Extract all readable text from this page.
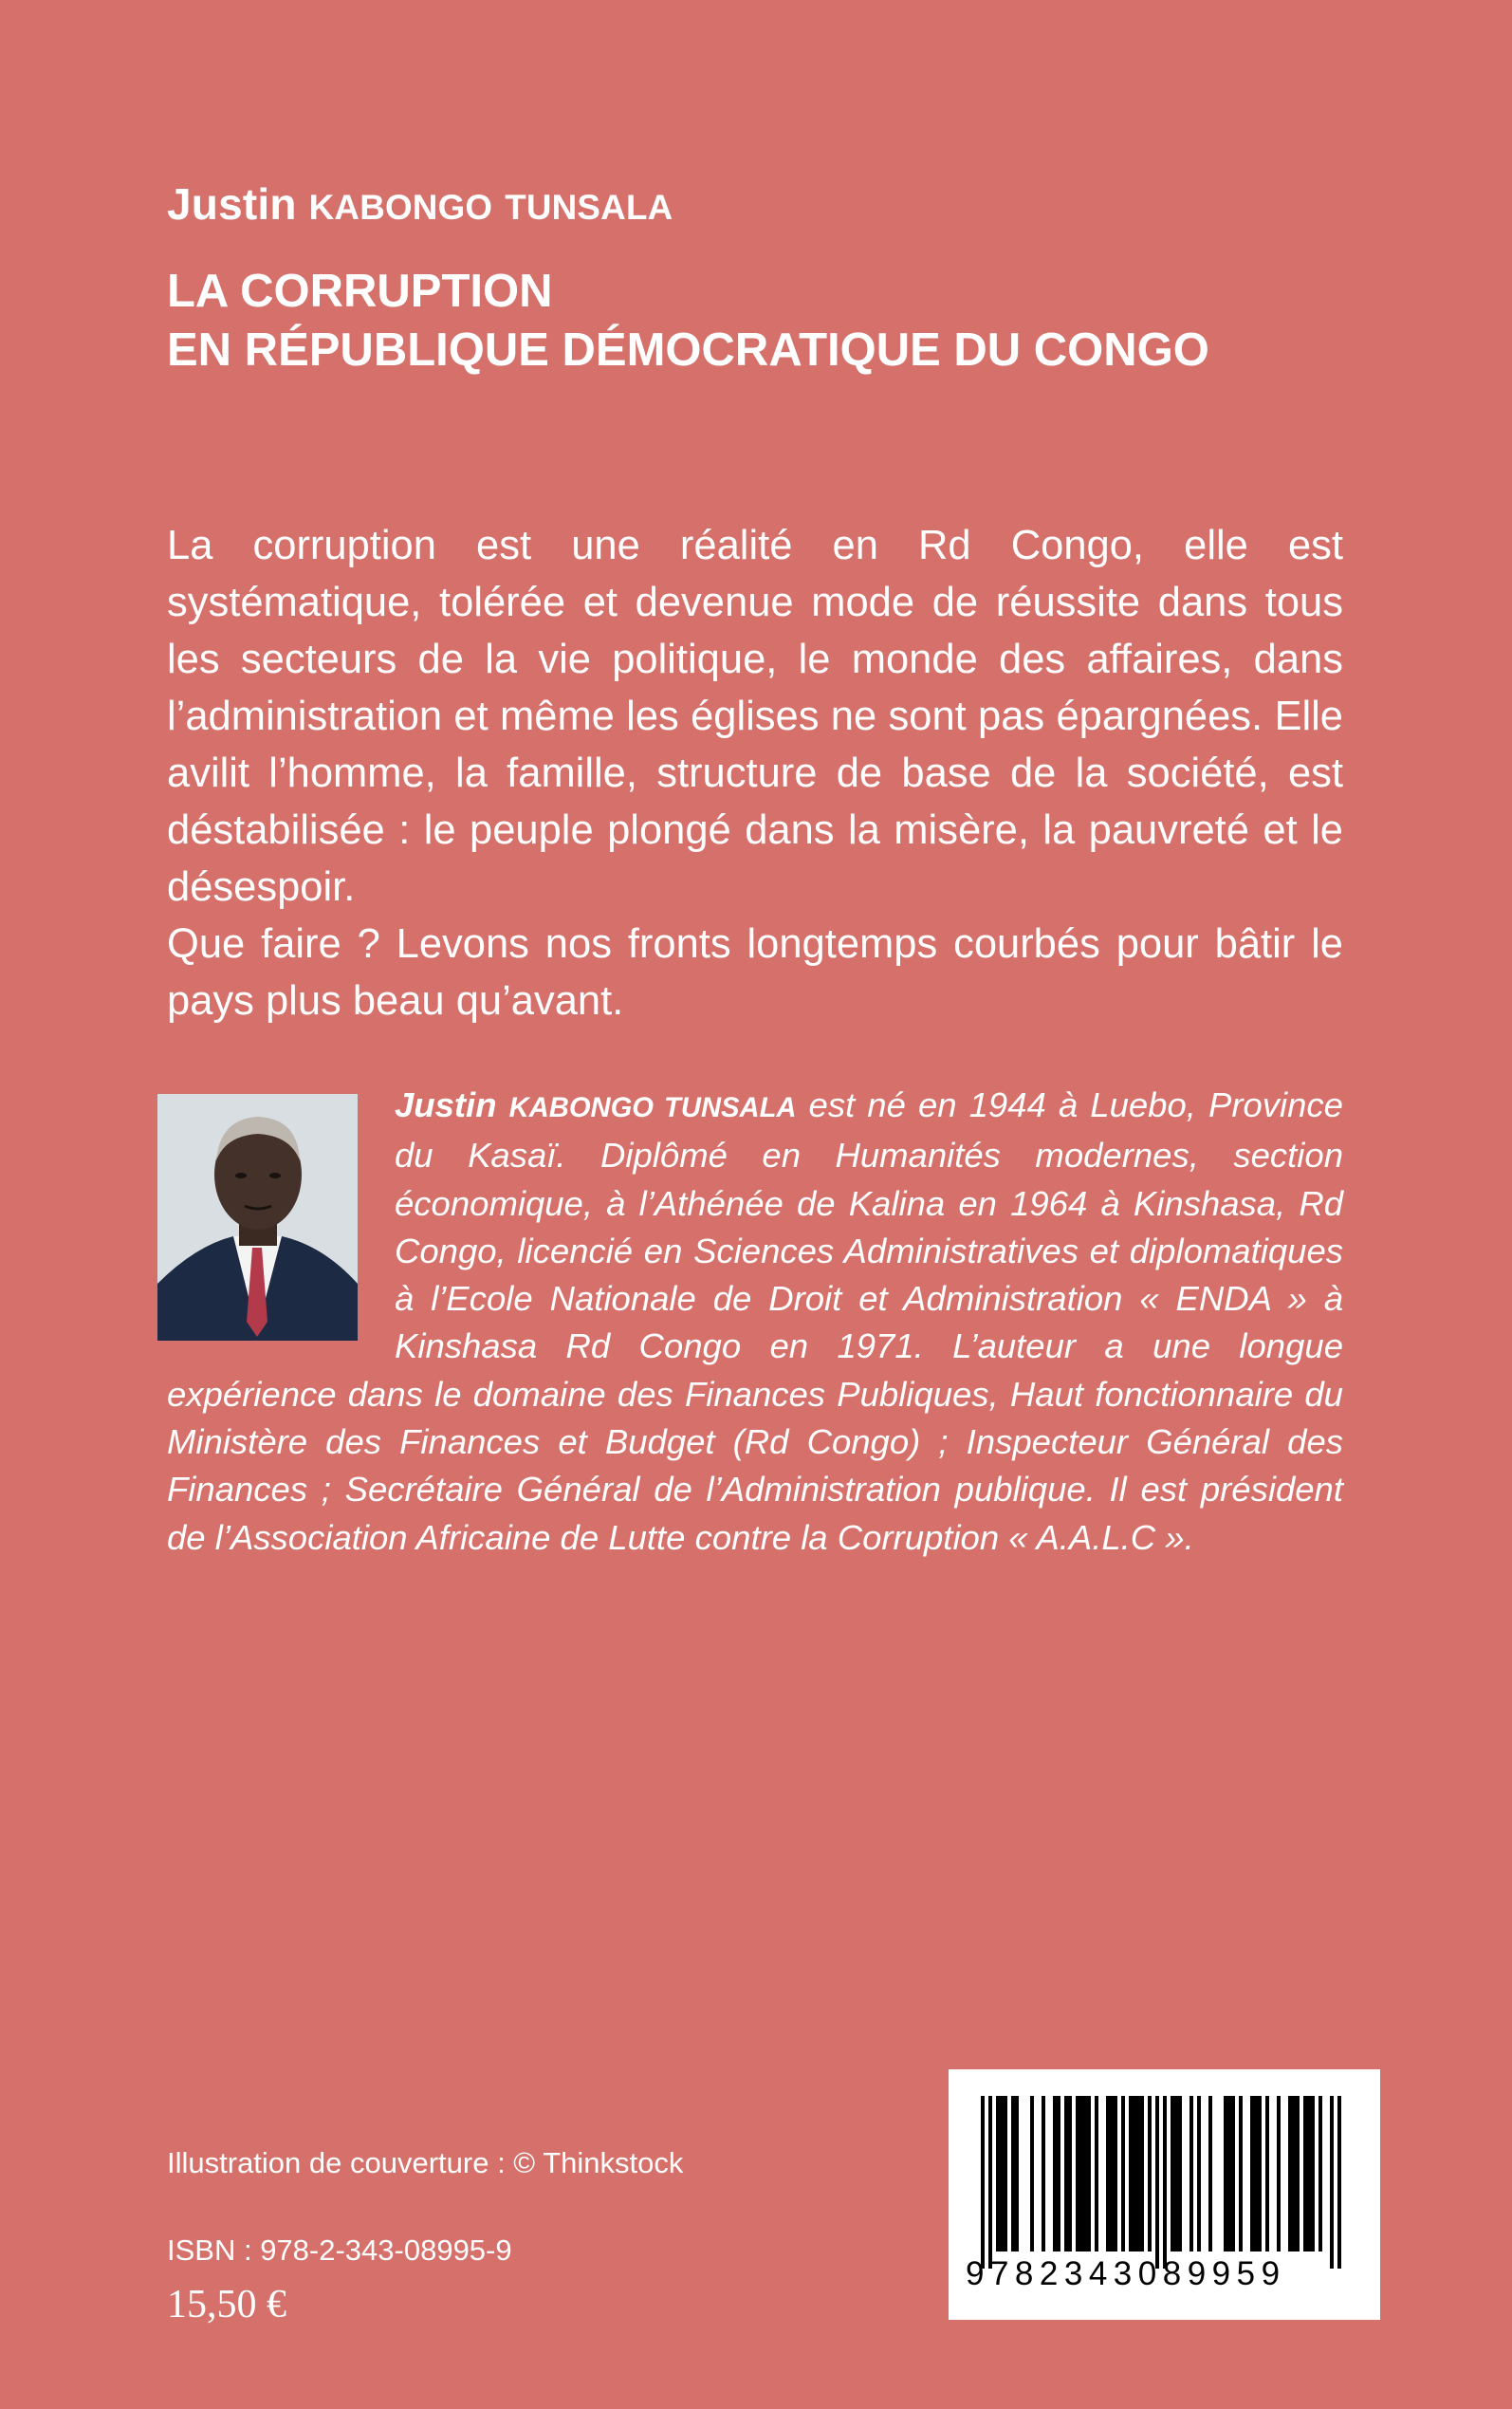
Justin KABONGO TUNSALA
LA CORRUPTION
EN RÉPUBLIQUE DÉMOCRATIQUE DU CONGO

La corruption est une réalité en Rd Congo, elle est systématique, tolérée et devenue mode de réussite dans tous les secteurs de la vie politique, le monde des affaires, dans l’administration et même les églises ne sont pas épargnées. Elle avilit l’homme, la famille, structure de base de la société, est déstabilisée : le peuple plongé dans la misère, la pauvreté et le désespoir.

Que faire ? Levons nos fronts longtemps courbés pour bâtir le pays plus beau qu’avant.

Justin KABONGO TUNSALA est né en 1944 à Luebo, Province du Kasaï. Diplômé en Humanités modernes, section économique, à l’Athénée de Kalina en 1964 à Kinshasa, Rd Congo, licencié en Sciences Administratives et diplomatiques à l’Ecole Nationale de Droit et Administration « ENDA » à Kinshasa Rd Congo en 1971. L’auteur a une longue expérience dans le domaine des Finances Publiques, Haut fonctionnaire du Ministère des Finances et Budget (Rd Congo) ; Inspecteur Général des Finances ; Secrétaire Général de l’Administration publique. Il est président de l’Association Africaine de Lutte contre la Corruption « A.A.L.C ».
Illustration de couverture : © Thinkstock
ISBN : 978-2-343-08995-9
15,50 €
9782343089959
